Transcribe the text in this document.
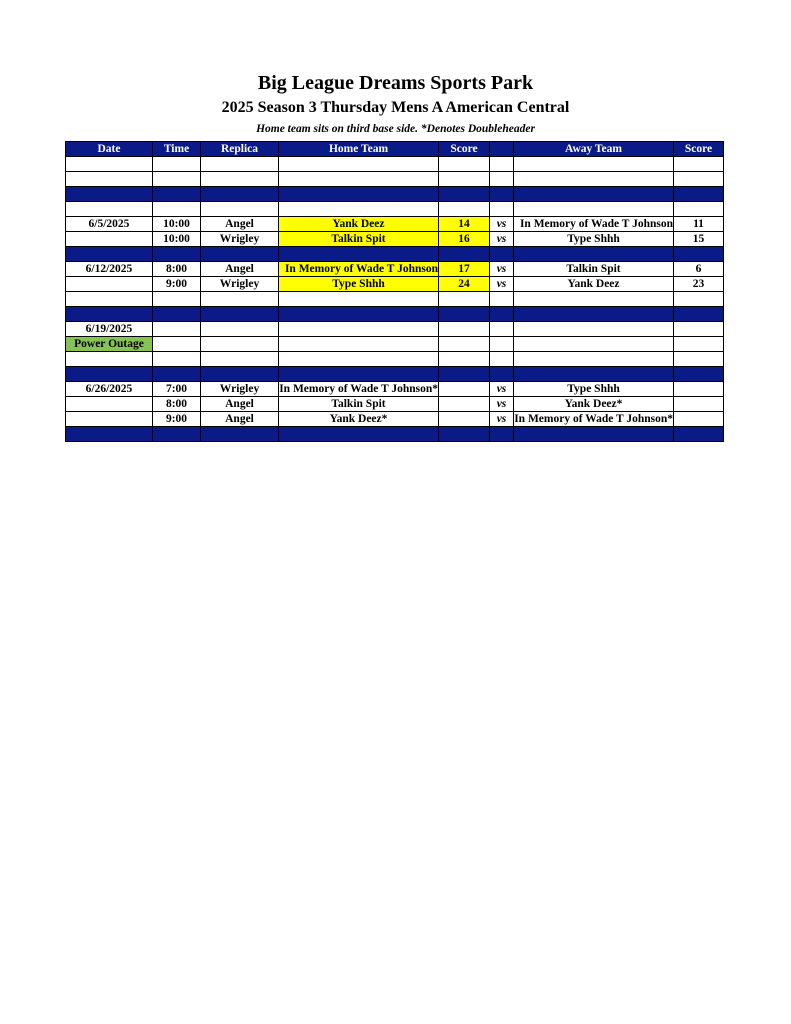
Big League Dreams Sports Park
2025 Season 3 Thursday Mens A American Central
Home team sits on third base side. *Denotes Doubleheader
Date	Time	Replica	Home Team	Score		Away Team	Score

6/5/2025	10:00	Angel	Yank Deez	14	vs	In Memory of Wade T Johnson	11
	10:00	Wrigley	Talkin Spit	16	vs	Type Shhh	15

6/12/2025	8:00	Angel	In Memory of Wade T Johnson	17	vs	Talkin Spit	6
	9:00	Wrigley	Type Shhh	24	vs	Yank Deez	23

6/19/2025							
Power Outage							

6/26/2025	7:00	Wrigley	In Memory of Wade T Johnson*		vs	Type Shhh	
	8:00	Angel	Talkin Spit		vs	Yank Deez*	
	9:00	Angel	Yank Deez*		vs	In Memory of Wade T Johnson*	
